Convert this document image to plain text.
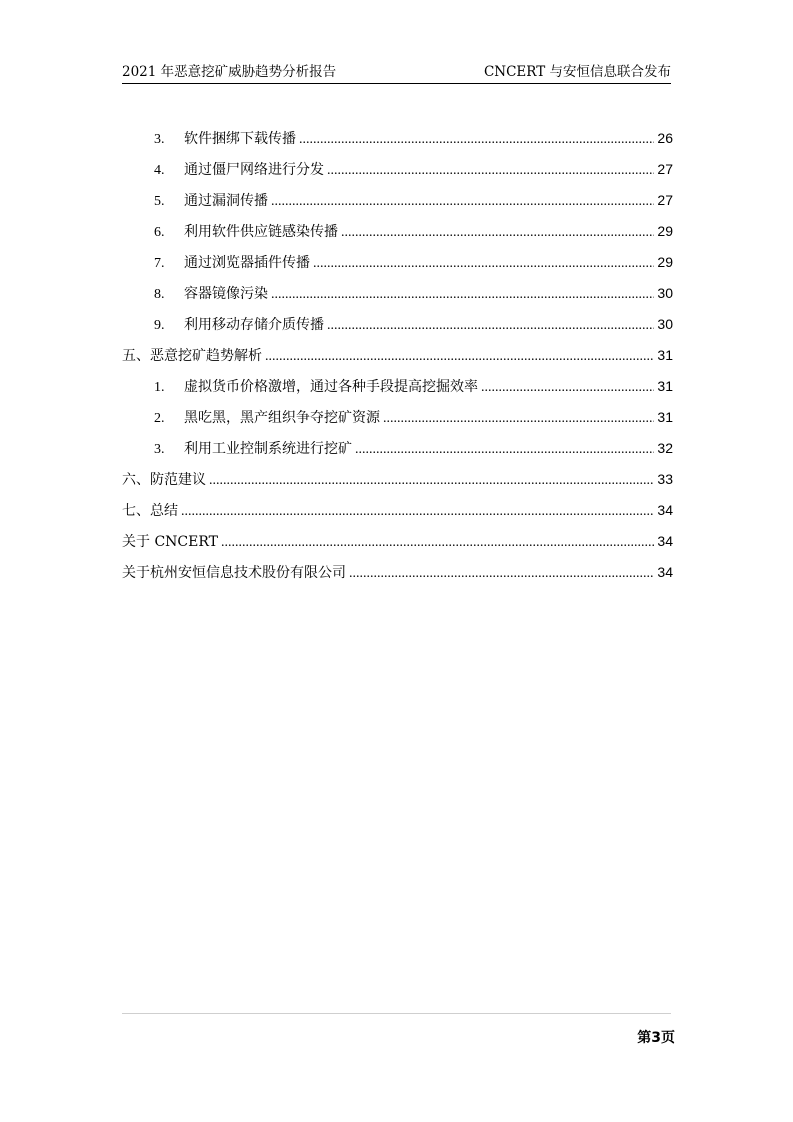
2021 年恶意挖矿威胁趋势分析报告	CNCERT 与安恒信息联合发布
3.	软件捆绑下载传播 .....	26
4.	通过僵尸网络进行分发 .....	27
5.	通过漏洞传播 .....	27
6.	利用软件供应链感染传播 .....	29
7.	通过浏览器插件传播 .....	29
8.	容器镜像污染 .....	30
9.	利用移动存储介质传播 .....	30
五、恶意挖矿趋势解析 .....	31
1.	虚拟货币价格激增，通过各种手段提高挖掘效率 .....	31
2.	黑吃黑，黑产组织争夺挖矿资源 .....	31
3.	利用工业控制系统进行挖矿 .....	32
六、防范建议 .....	33
七、总结 .....	34
关于 CNCERT .....	34
关于杭州安恒信息技术股份有限公司 .....	34
第3页
